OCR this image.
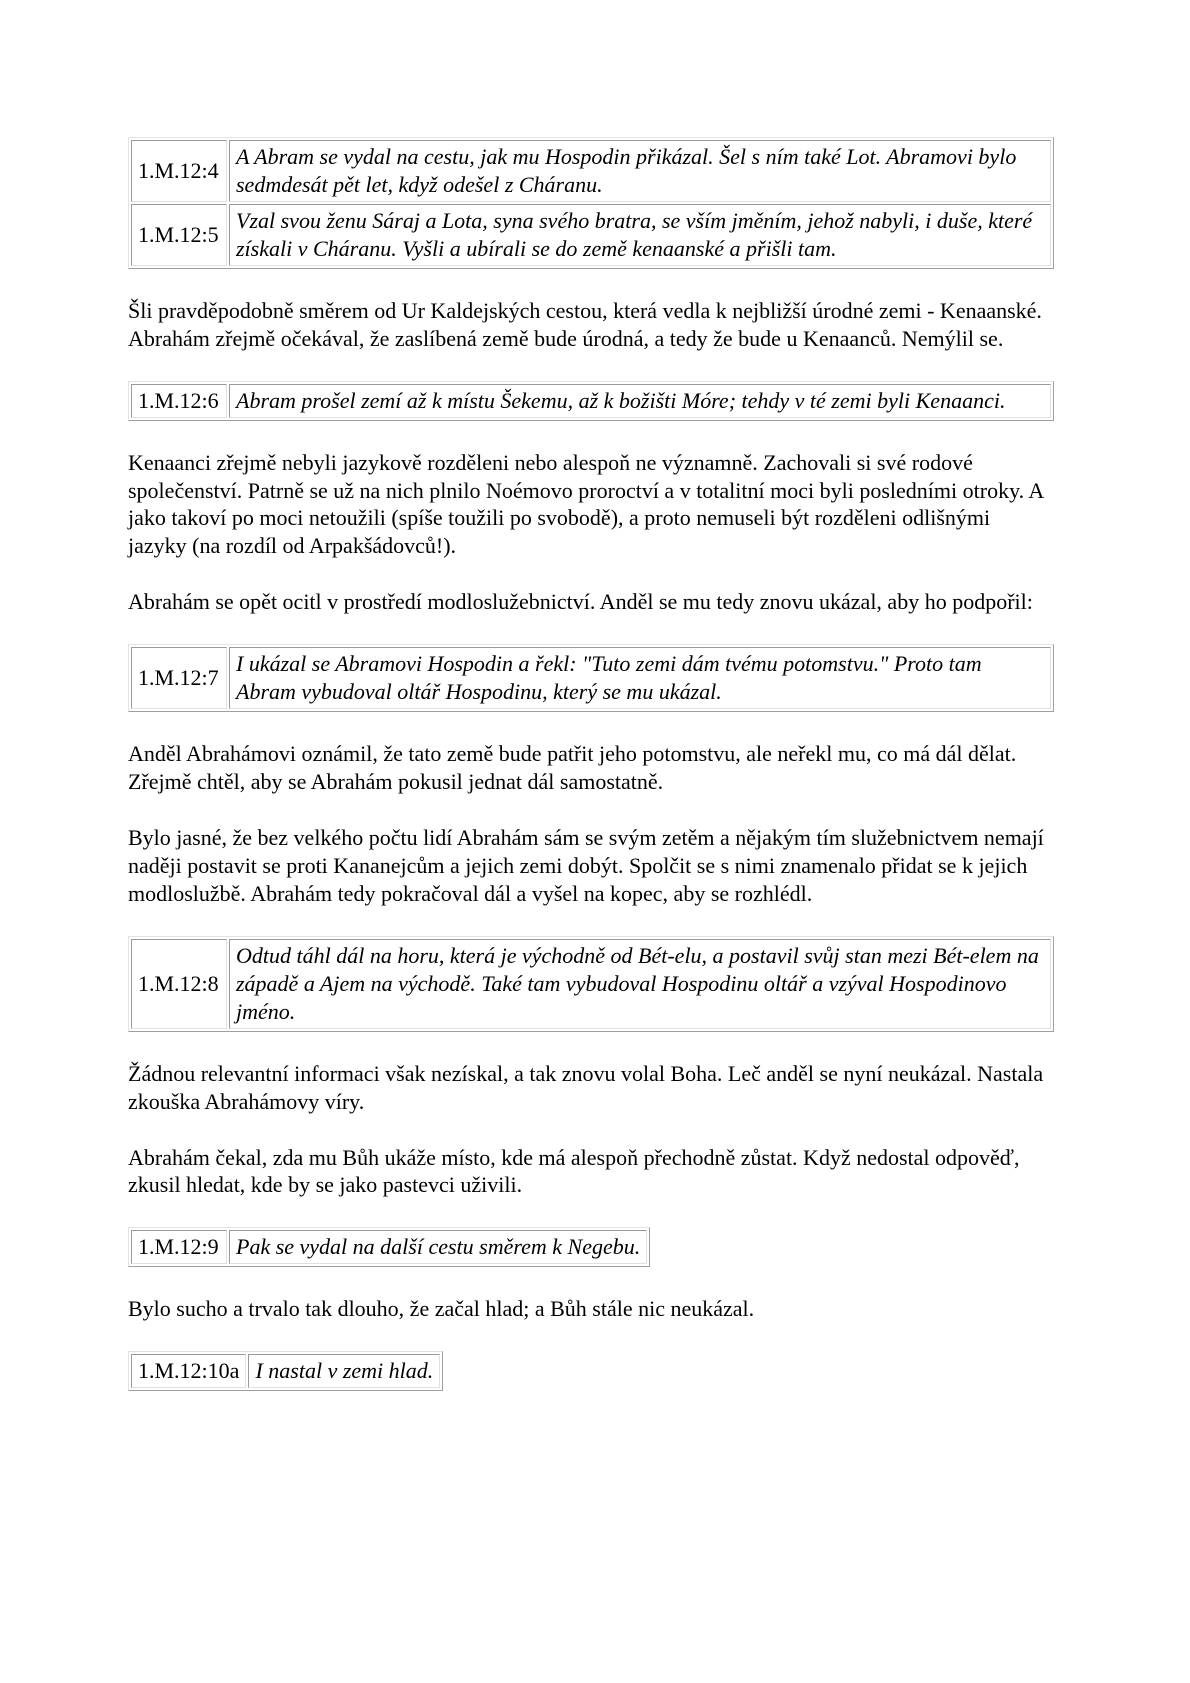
1.M.12:4	A Abram se vydal na cestu, jak mu Hospodin přikázal. Šel s ním také Lot. Abramovi bylo sedmdesát pět let, když odešel z Cháranu.
1.M.12:5	Vzal svou ženu Sáraj a Lota, syna svého bratra, se vším jměním, jehož nabyli, i duše, které získali v Cháranu. Vyšli a ubírali se do země kenaanské a přišli tam.

Šli pravděpodobně směrem od Ur Kaldejských cestou, která vedla k nejbližší úrodné zemi - Kenaanské. Abrahám zřejmě očekával, že zaslíbená země bude úrodná, a tedy že bude u Kenaanců. Nemýlil se.

1.M.12:6	Abram prošel zemí až k místu Šekemu, až k božišti Móre; tehdy v té zemi byli Kenaanci.

Kenaanci zřejmě nebyli jazykově rozděleni nebo alespoň ne významně. Zachovali si své rodové společenství. Patrně se už na nich plnilo Noémovo proroctví a v totalitní moci byli posledními otroky. A jako takoví po moci netoužili (spíše toužili po svobodě), a proto nemuseli být rozděleni odlišnými jazyky (na rozdíl od Arpakšádovců!).

Abrahám se opět ocitl v prostředí modloslužebnictví. Anděl se mu tedy znovu ukázal, aby ho podpořil:

1.M.12:7	I ukázal se Abramovi Hospodin a řekl: "Tuto zemi dám tvému potomstvu." Proto tam Abram vybudoval oltář Hospodinu, který se mu ukázal.

Anděl Abrahámovi oznámil, že tato země bude patřit jeho potomstvu, ale neřekl mu, co má dál dělat. Zřejmě chtěl, aby se Abrahám pokusil jednat dál samostatně.

Bylo jasné, že bez velkého počtu lidí Abrahám sám se svým zetěm a nějakým tím služebnictvem nemají naději postavit se proti Kananejcům a jejich zemi dobýt. Spolčit se s nimi znamenalo přidat se k jejich modloslužbě. Abrahám tedy pokračoval dál a vyšel na kopec, aby se rozhlédl.

1.M.12:8	Odtud táhl dál na horu, která je východně od Bét-elu, a postavil svůj stan mezi Bét-elem na západě a Ajem na východě. Také tam vybudoval Hospodinu oltář a vzýval Hospodinovo jméno.

Žádnou relevantní informaci však nezískal, a tak znovu volal Boha. Leč anděl se nyní neukázal. Nastala zkouška Abrahámovy víry.

Abrahám čekal, zda mu Bůh ukáže místo, kde má alespoň přechodně zůstat. Když nedostal odpověď, zkusil hledat, kde by se jako pastevci uživili.

1.M.12:9	Pak se vydal na další cestu směrem k Negebu.

Bylo sucho a trvalo tak dlouho, že začal hlad; a Bůh stále nic neukázal.

1.M.12:10a	I nastal v zemi hlad.
